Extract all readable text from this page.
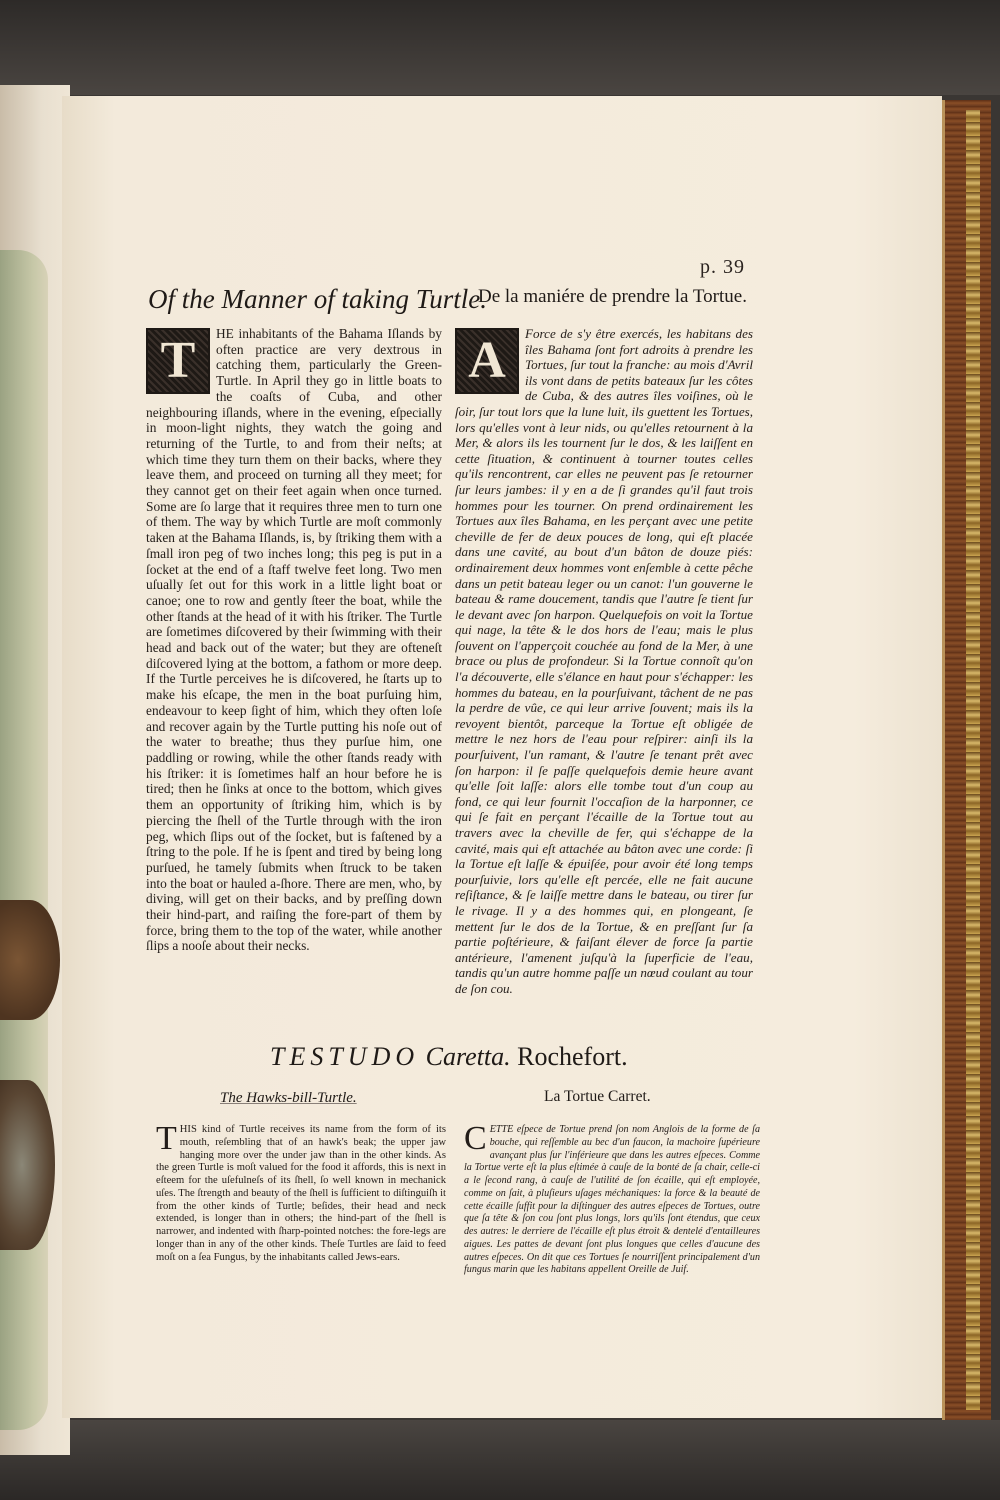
p. 39
Of the Manner of taking Turtle.
De la maniére de prendre la Tortue.
T	HE inhabitants of the Bahama Iſlands by often practice are very dextrous in catching them, particularly the Green-Turtle. In April they go in little boats to the coaſts of Cuba, and other neighbouring iſlands, where in the evening, eſpecially in moon-light nights, they watch the going and returning of the Turtle, to and from their neſts; at which time they turn them on their backs, where they leave them, and proceed on turning all they meet; for they cannot get on their feet again when once turned. Some are ſo large that it requires three men to turn one of them. The way by which Turtle are moſt commonly taken at the Bahama Iſlands, is, by ſtriking them with a ſmall iron peg of two inches long; this peg is put in a ſocket at the end of a ſtaff twelve feet long. Two men uſually ſet out for this work in a little light boat or canoe; one to row and gently ſteer the boat, while the other ſtands at the head of it with his ſtriker. The Turtle are ſometimes diſcovered by their ſwimming with their head and back out of the water; but they are ofteneſt diſcovered lying at the bottom, a fathom or more deep. If the Turtle perceives he is diſcovered, he ſtarts up to make his eſcape, the men in the boat purſuing him, endeavour to keep ſight of him, which they often loſe and recover again by the Turtle putting his noſe out of the water to breathe; thus they purſue him, one paddling or rowing, while the other ſtands ready with his ſtriker: it is ſometimes half an hour before he is tired; then he ſinks at once to the bottom, which gives them an opportunity of ſtriking him, which is by piercing the ſhell of the Turtle through with the iron peg, which ſlips out of the ſocket, but is faſtened by a ſtring to the pole. If he is ſpent and tired by being long purſued, he tamely ſubmits when ſtruck to be taken into the boat or hauled a-ſhore. There are men, who, by diving, will get on their backs, and by preſſing down their hind-part, and raiſing the fore-part of them by force, bring them to the top of the water, while another ſlips a nooſe about their necks.

A	Force de s'y être exercés, les habitans des îles Bahama ſont fort adroits à prendre les Tortues, ſur tout la franche: au mois d'Avril ils vont dans de petits bateaux ſur les côtes de Cuba, & des autres îles voiſines, où le ſoir, ſur tout lors que la lune luit, ils guettent les Tortues, lors qu'elles vont à leur nids, ou qu'elles retournent à la Mer, & alors ils les tournent ſur le dos, & les laiſſent en cette ſituation, & continuent à tourner toutes celles qu'ils rencontrent, car elles ne peuvent pas ſe retourner ſur leurs jambes: il y en a de ſi grandes qu'il faut trois hommes pour les tourner. On prend ordinairement les Tortues aux îles Bahama, en les perçant avec une petite cheville de fer de deux pouces de long, qui eſt placée dans une cavité, au bout d'un bâton de douze piés: ordinairement deux hommes vont enſemble à cette pêche dans un petit bateau leger ou un canot: l'un gouverne le bateau & rame doucement, tandis que l'autre ſe tient ſur le devant avec ſon harpon. Quelquefois on voit la Tortue qui nage, la tête & le dos hors de l'eau; mais le plus ſouvent on l'apperçoit couchée au fond de la Mer, à une brace ou plus de profondeur. Si la Tortue connoît qu'on l'a découverte, elle s'élance en haut pour s'échapper: les hommes du bateau, en la pourſuivant, tâchent de ne pas la perdre de vûe, ce qui leur arrive ſouvent; mais ils la revoyent bientôt, parceque la Tortue eſt obligée de mettre le nez hors de l'eau pour reſpirer: ainſi ils la pourſuivent, l'un ramant, & l'autre ſe tenant prêt avec ſon harpon: il ſe paſſe quelquefois demie heure avant qu'elle ſoit laſſe: alors elle tombe tout d'un coup au fond, ce qui leur fournit l'occaſion de la harponner, ce qui ſe fait en perçant l'écaille de la Tortue tout au travers avec la cheville de fer, qui s'échappe de la cavité, mais qui eſt attachée au bâton avec une corde: ſi la Tortue eſt laſſe & épuiſée, pour avoir été long temps pourſuivie, lors qu'elle eſt percée, elle ne fait aucune reſiſtance, & ſe laiſſe mettre dans le bateau, ou tirer ſur le rivage. Il y a des hommes qui, en plongeant, ſe mettent ſur le dos de la Tortue, & en preſſant ſur ſa partie poſtérieure, & faiſant élever de force ſa partie antérieure, l'amenent juſqu'à la ſuperficie de l'eau, tandis qu'un autre homme paſſe un nœud coulant au tour de ſon cou.

TESTUDO Caretta. Rochefort.
The Hawks-bill-Turtle.	La Tortue Carret.
T HIS kind of Turtle receives its name from the form of its mouth, reſembling that of an hawk's beak; the upper jaw hanging more over the under jaw than in the other kinds. As the green Turtle is moſt valued for the food it affords, this is next in eſteem for the uſefulneſs of its ſhell, ſo well known in mechanick uſes. The ſtrength and beauty of the ſhell is ſufficient to diſtinguiſh it from the other kinds of Turtle; beſides, their head and neck extended, is longer than in others; the hind-part of the ſhell is narrower, and indented with ſharp-pointed notches: the fore-legs are longer than in any of the other kinds. Theſe Turtles are ſaid to feed moſt on a ſea Fungus, by the inhabitants called Jews-ears.

C ETTE eſpece de Tortue prend ſon nom Anglois de la forme de ſa bouche, qui reſſemble au bec d'un faucon, la machoire ſupérieure avançant plus ſur l'inférieure que dans les autres eſpeces. Comme la Tortue verte eſt la plus eſtimée à cauſe de la bonté de ſa chair, celle-ci a le ſecond rang, à cauſe de l'utilité de ſon écaille, qui eſt employée, comme on ſait, à pluſieurs uſages méchaniques: la force & la beauté de cette écaille ſuffit pour la diſtinguer des autres eſpeces de Tortues, outre que ſa tête & ſon cou ſont plus longs, lors qu'ils ſont étendus, que ceux des autres: le derriere de l'écaille eſt plus étroit & dentelé d'entailleures aigues. Les pattes de devant ſont plus longues que celles d'aucune des autres eſpeces. On dit que ces Tortues ſe nourriſſent principalement d'un fungus marin que les habitans appellent Oreille de Juif.
